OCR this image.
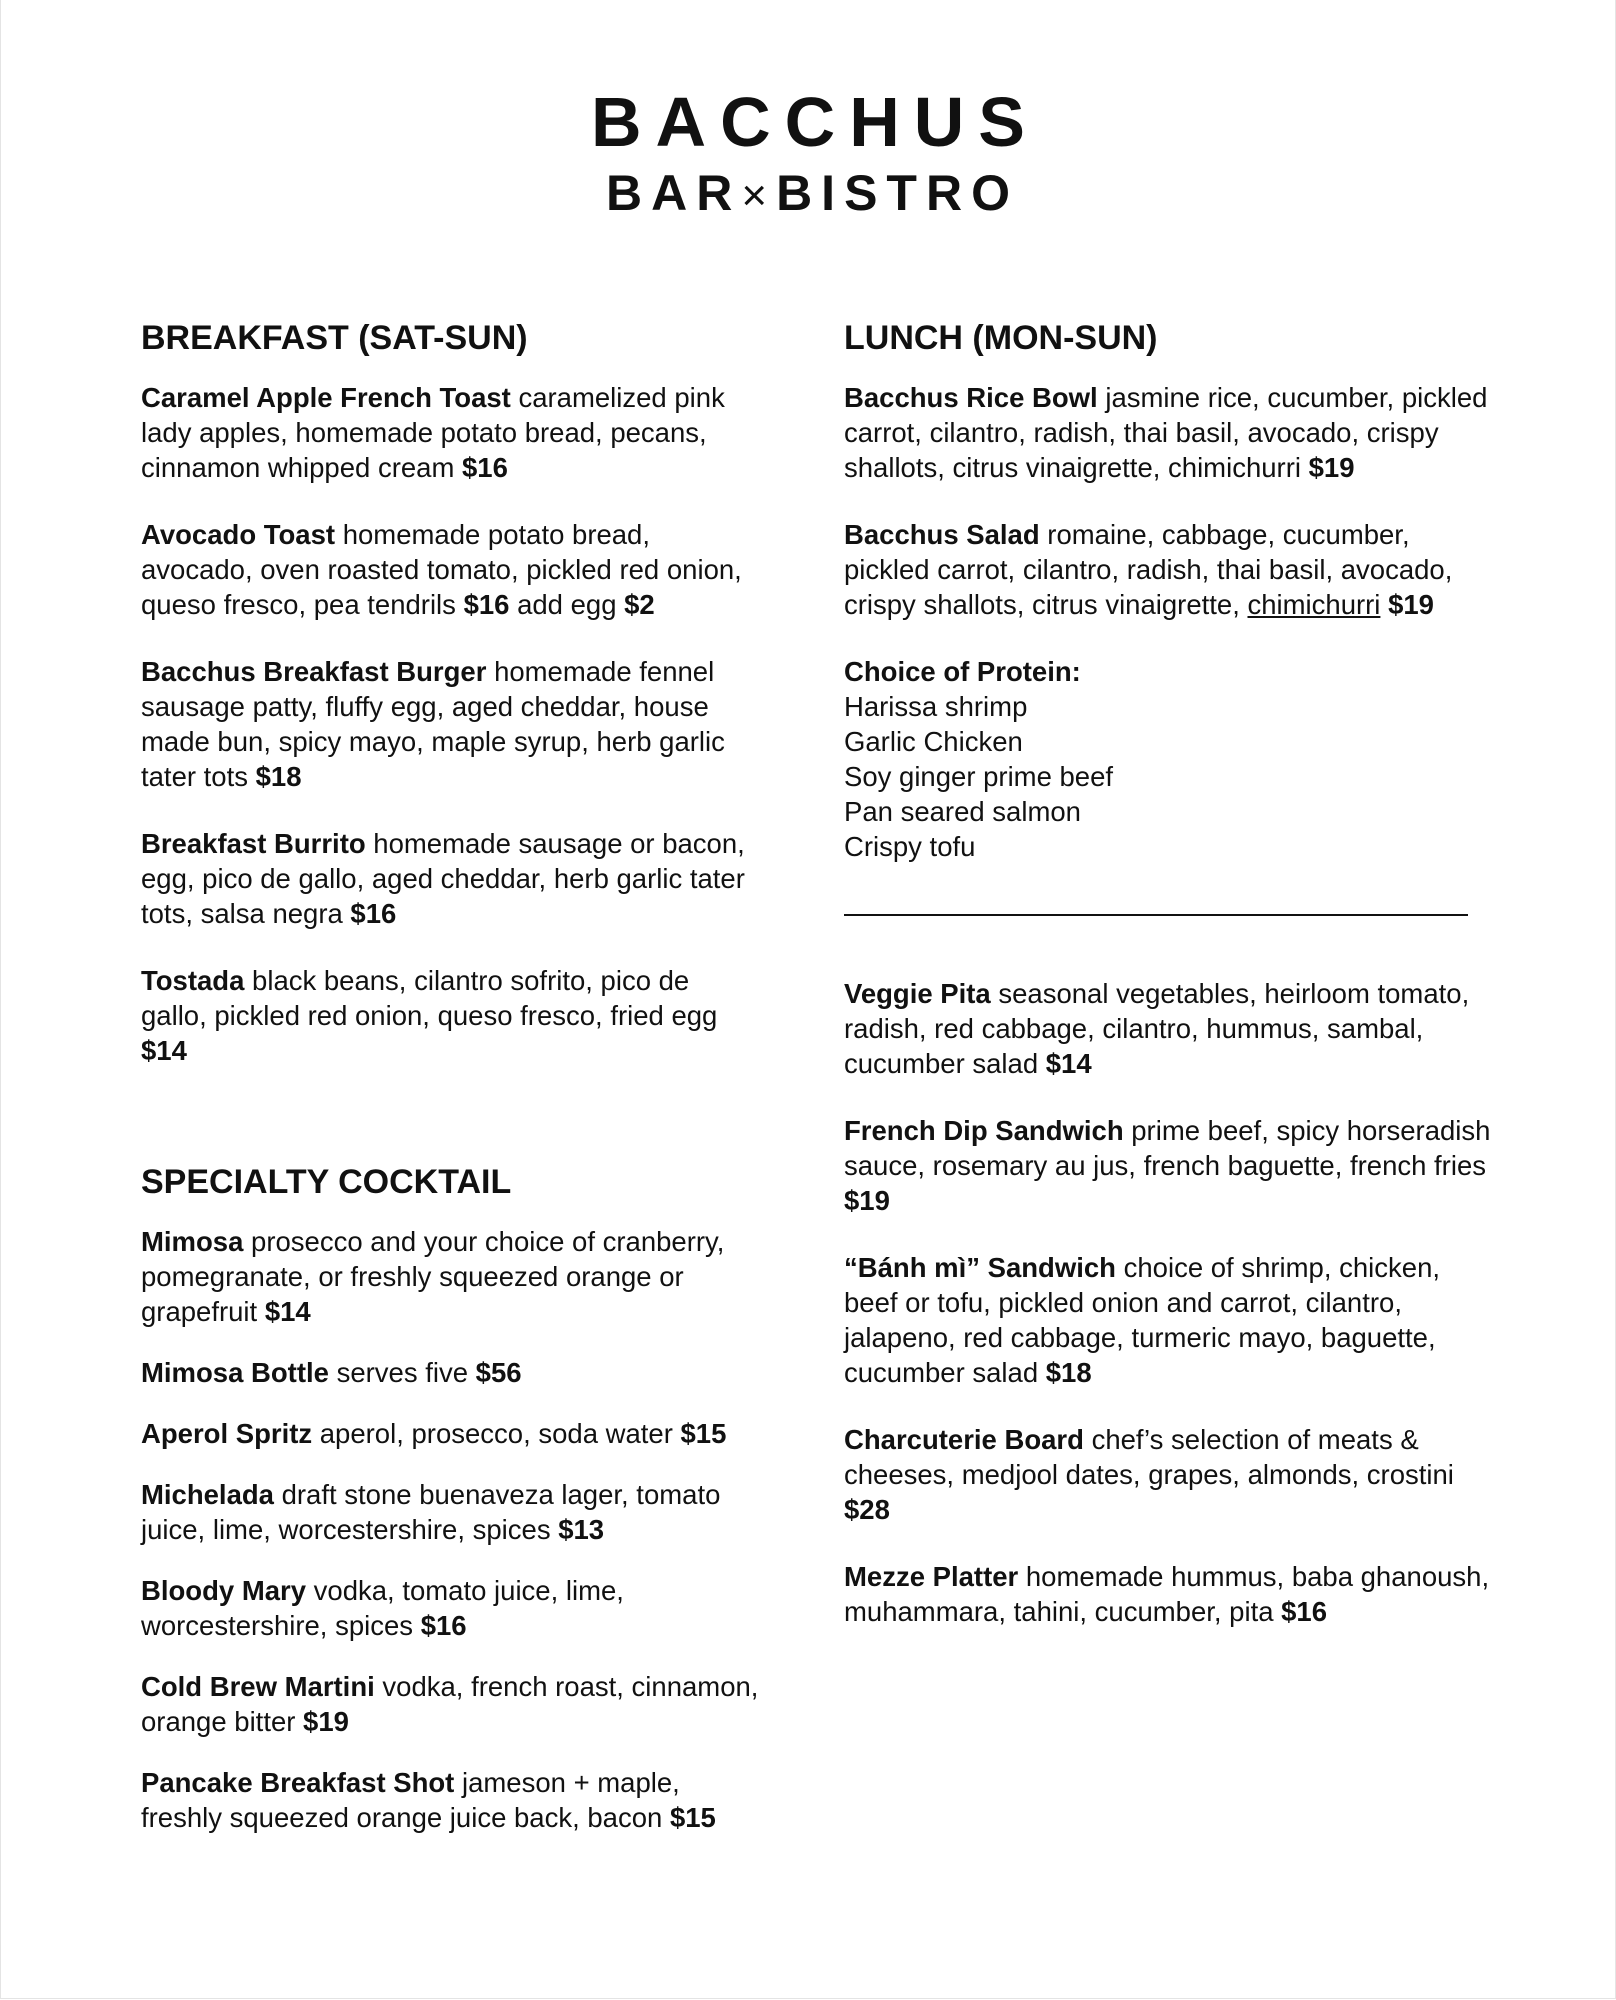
BACCHUS
BAR×BISTRO
BREAKFAST (SAT-SUN)
Caramel Apple French Toast caramelized pink lady apples, homemade potato bread, pecans, cinnamon whipped cream $16
Avocado Toast homemade potato bread, avocado, oven roasted tomato, pickled red onion, queso fresco, pea tendrils $16 add egg $2
Bacchus Breakfast Burger homemade fennel sausage patty, fluffy egg, aged cheddar, house made bun, spicy mayo, maple syrup, herb garlic tater tots $18
Breakfast Burrito homemade sausage or bacon, egg, pico de gallo, aged cheddar, herb garlic tater tots, salsa negra $16
Tostada black beans, cilantro sofrito, pico de gallo, pickled red onion, queso fresco, fried egg $14
SPECIALTY COCKTAIL
Mimosa prosecco and your choice of cranberry, pomegranate, or freshly squeezed orange or grapefruit $14
Mimosa Bottle serves five $56
Aperol Spritz aperol, prosecco, soda water $15
Michelada draft stone buenaveza lager, tomato juice, lime, worcestershire, spices $13
Bloody Mary vodka, tomato juice, lime, worcestershire, spices $16
Cold Brew Martini vodka, french roast, cinnamon, orange bitter $19
Pancake Breakfast Shot jameson + maple, freshly squeezed orange juice back, bacon $15
LUNCH (MON-SUN)
Bacchus Rice Bowl jasmine rice, cucumber, pickled carrot, cilantro, radish, thai basil, avocado, crispy shallots, citrus vinaigrette, chimichurri $19
Bacchus Salad romaine, cabbage, cucumber, pickled carrot, cilantro, radish, thai basil, avocado, crispy shallots, citrus vinaigrette, chimichurri $19
Choice of Protein:
Harissa shrimp
Garlic Chicken
Soy ginger prime beef
Pan seared salmon
Crispy tofu
Veggie Pita seasonal vegetables, heirloom tomato, radish, red cabbage, cilantro, hummus, sambal, cucumber salad $14
French Dip Sandwich prime beef, spicy horseradish sauce, rosemary au jus, french baguette, french fries $19
“Bánh mì” Sandwich choice of shrimp, chicken, beef or tofu, pickled onion and carrot, cilantro, jalapeno, red cabbage, turmeric mayo, baguette, cucumber salad $18
Charcuterie Board chef’s selection of meats & cheeses, medjool dates, grapes, almonds, crostini $28
Mezze Platter homemade hummus, baba ghanoush, muhammara, tahini, cucumber, pita $16
